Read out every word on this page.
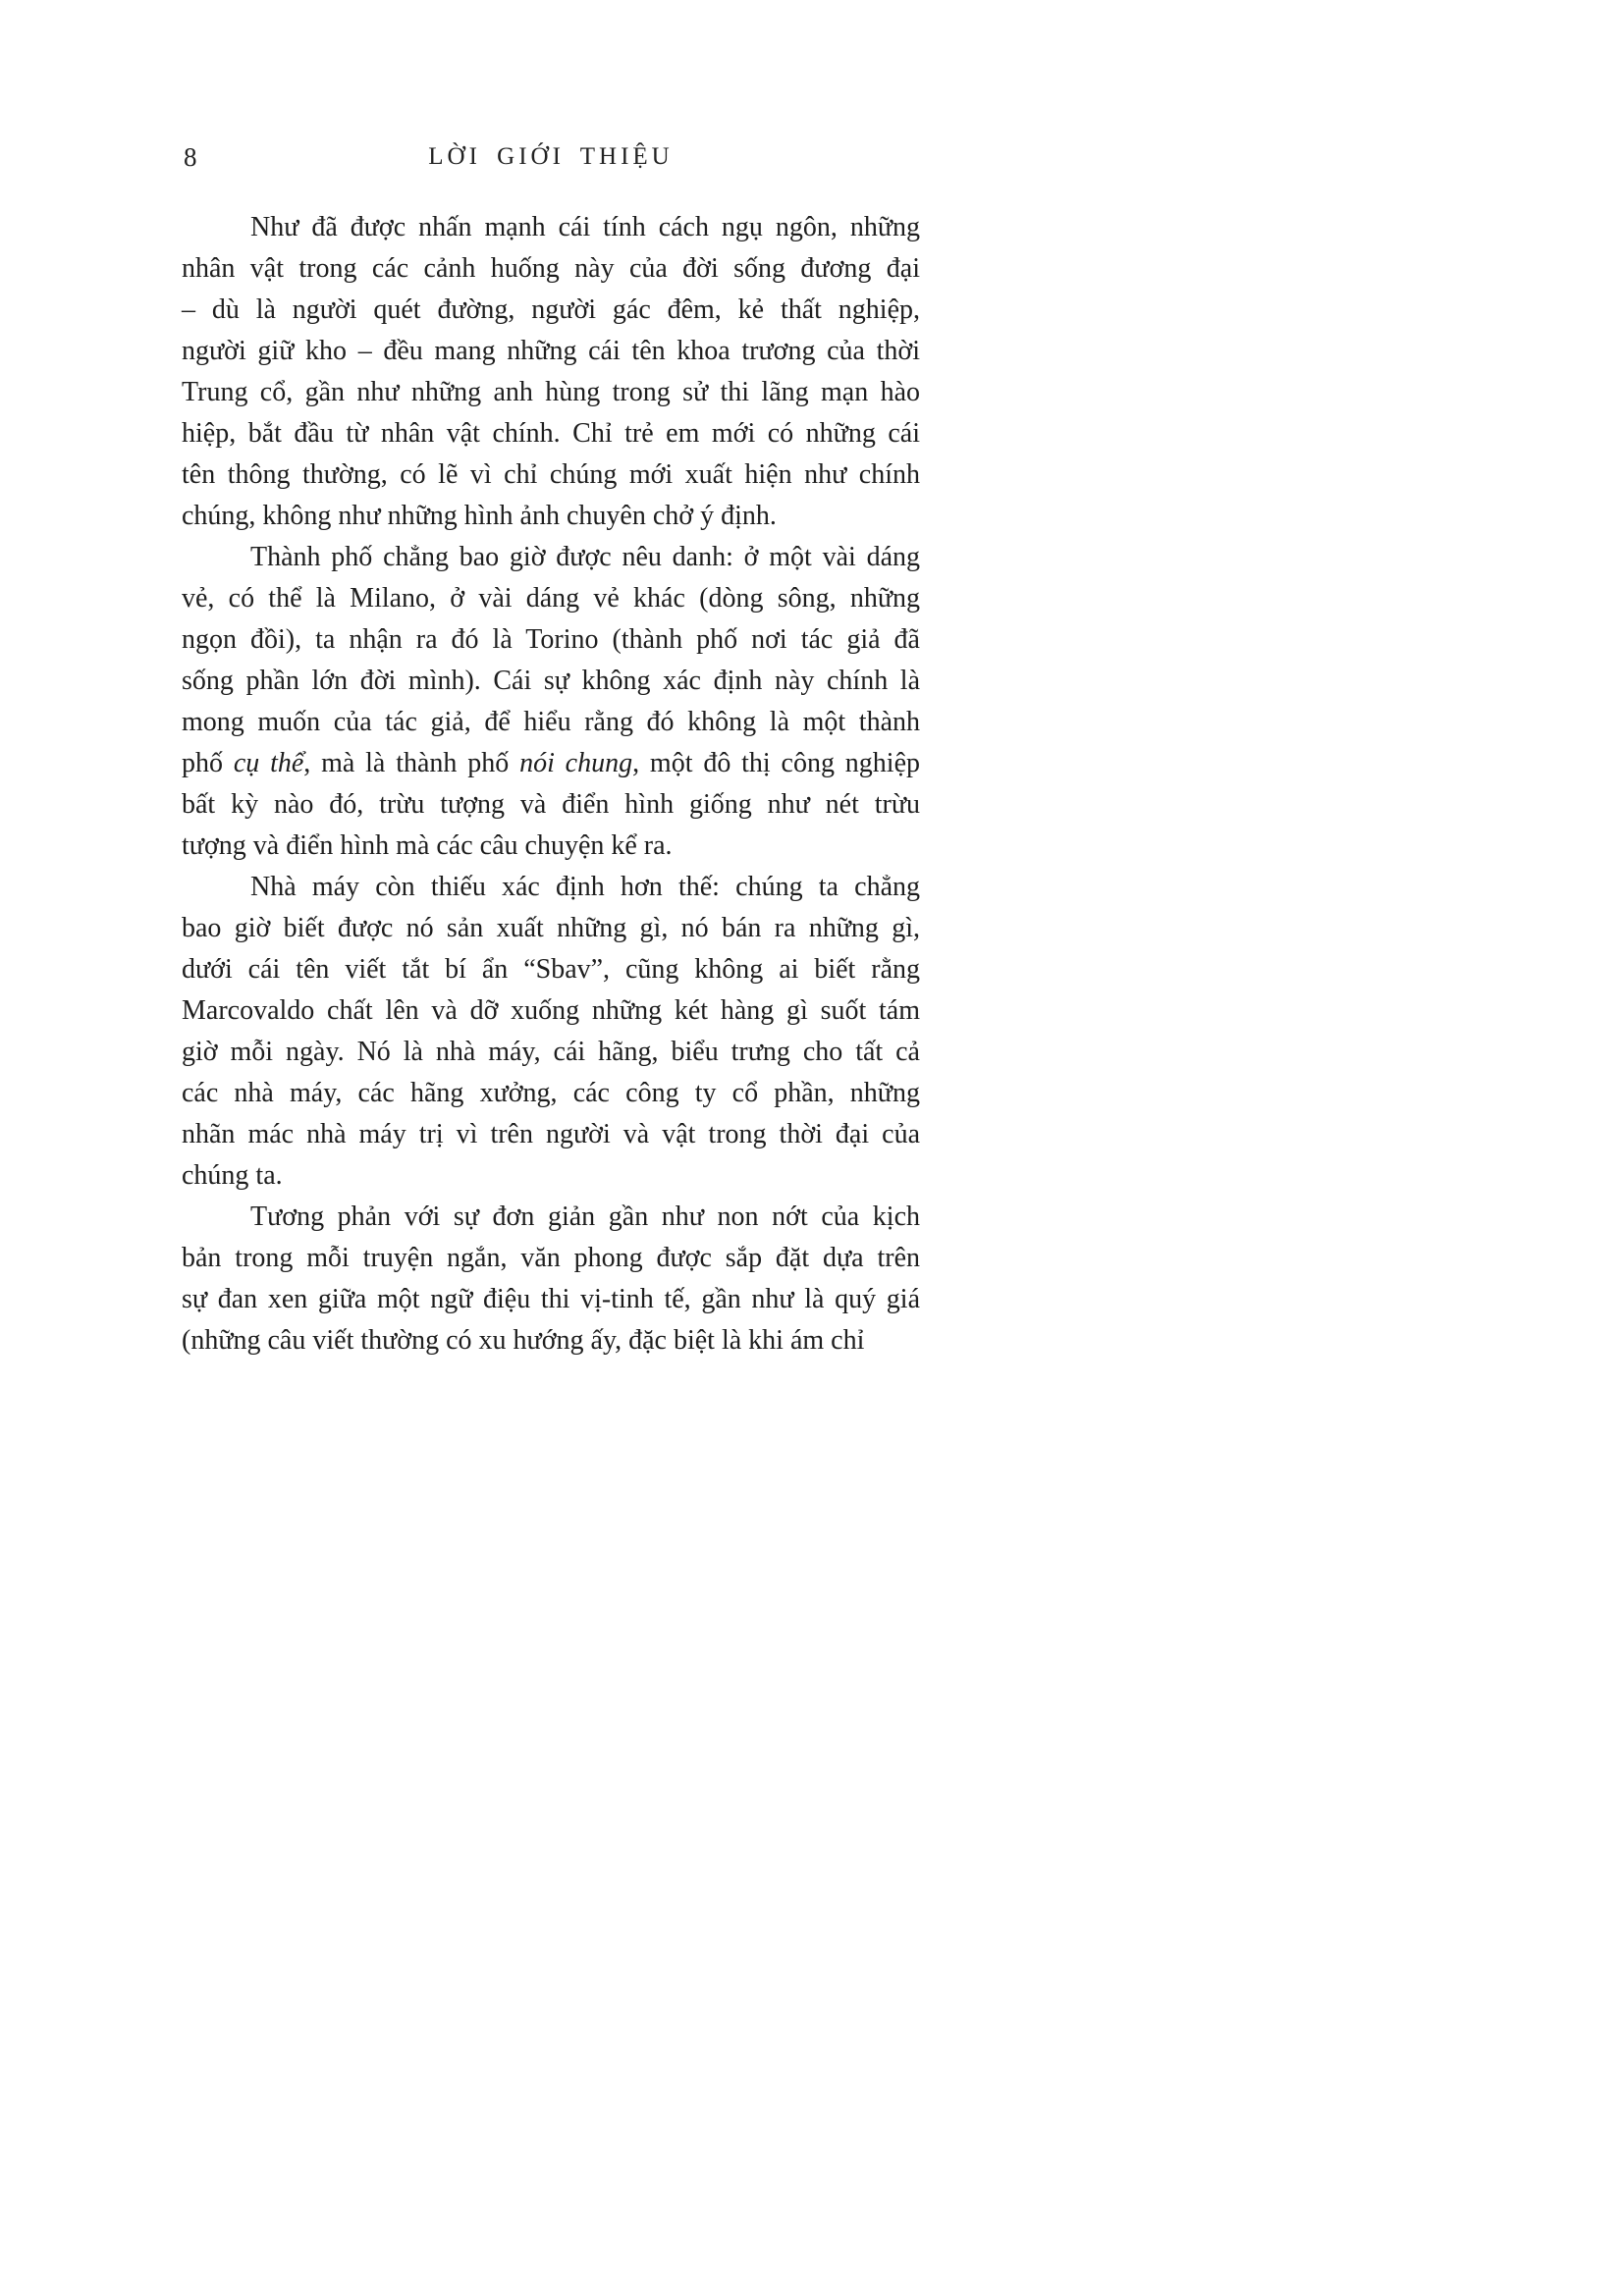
8	LỜI GIỚI THIỆU
Như đã được nhấn mạnh cái tính cách ngụ ngôn, những
nhân vật trong các cảnh huống này của đời sống đương đại
– dù là người quét đường, người gác đêm, kẻ thất nghiệp,
người giữ kho – đều mang những cái tên khoa trương của thời
Trung cổ, gần như những anh hùng trong sử thi lãng mạn hào
hiệp, bắt đầu từ nhân vật chính. Chỉ trẻ em mới có những cái
tên thông thường, có lẽ vì chỉ chúng mới xuất hiện như chính
chúng, không như những hình ảnh chuyên chở ý định.
Thành phố chẳng bao giờ được nêu danh: ở một vài dáng
vẻ, có thể là Milano, ở vài dáng vẻ khác (dòng sông, những
ngọn đồi), ta nhận ra đó là Torino (thành phố nơi tác giả đã
sống phần lớn đời mình). Cái sự không xác định này chính là
mong muốn của tác giả, để hiểu rằng đó không là một thành
phố cụ thể, mà là thành phố nói chung, một đô thị công nghiệp
bất kỳ nào đó, trừu tượng và điển hình giống như nét trừu
tượng và điển hình mà các câu chuyện kể ra.
Nhà máy còn thiếu xác định hơn thế: chúng ta chẳng
bao giờ biết được nó sản xuất những gì, nó bán ra những gì,
dưới cái tên viết tắt bí ẩn “Sbav”, cũng không ai biết rằng
Marcovaldo chất lên và dỡ xuống những két hàng gì suốt tám
giờ mỗi ngày. Nó là nhà máy, cái hãng, biểu trưng cho tất cả
các nhà máy, các hãng xưởng, các công ty cổ phần, những
nhãn mác nhà máy trị vì trên người và vật trong thời đại của
chúng ta.
Tương phản với sự đơn giản gần như non nớt của kịch
bản trong mỗi truyện ngắn, văn phong được sắp đặt dựa trên
sự đan xen giữa một ngữ điệu thi vị-tinh tế, gần như là quý giá
(những câu viết thường có xu hướng ấy, đặc biệt là khi ám chỉ
